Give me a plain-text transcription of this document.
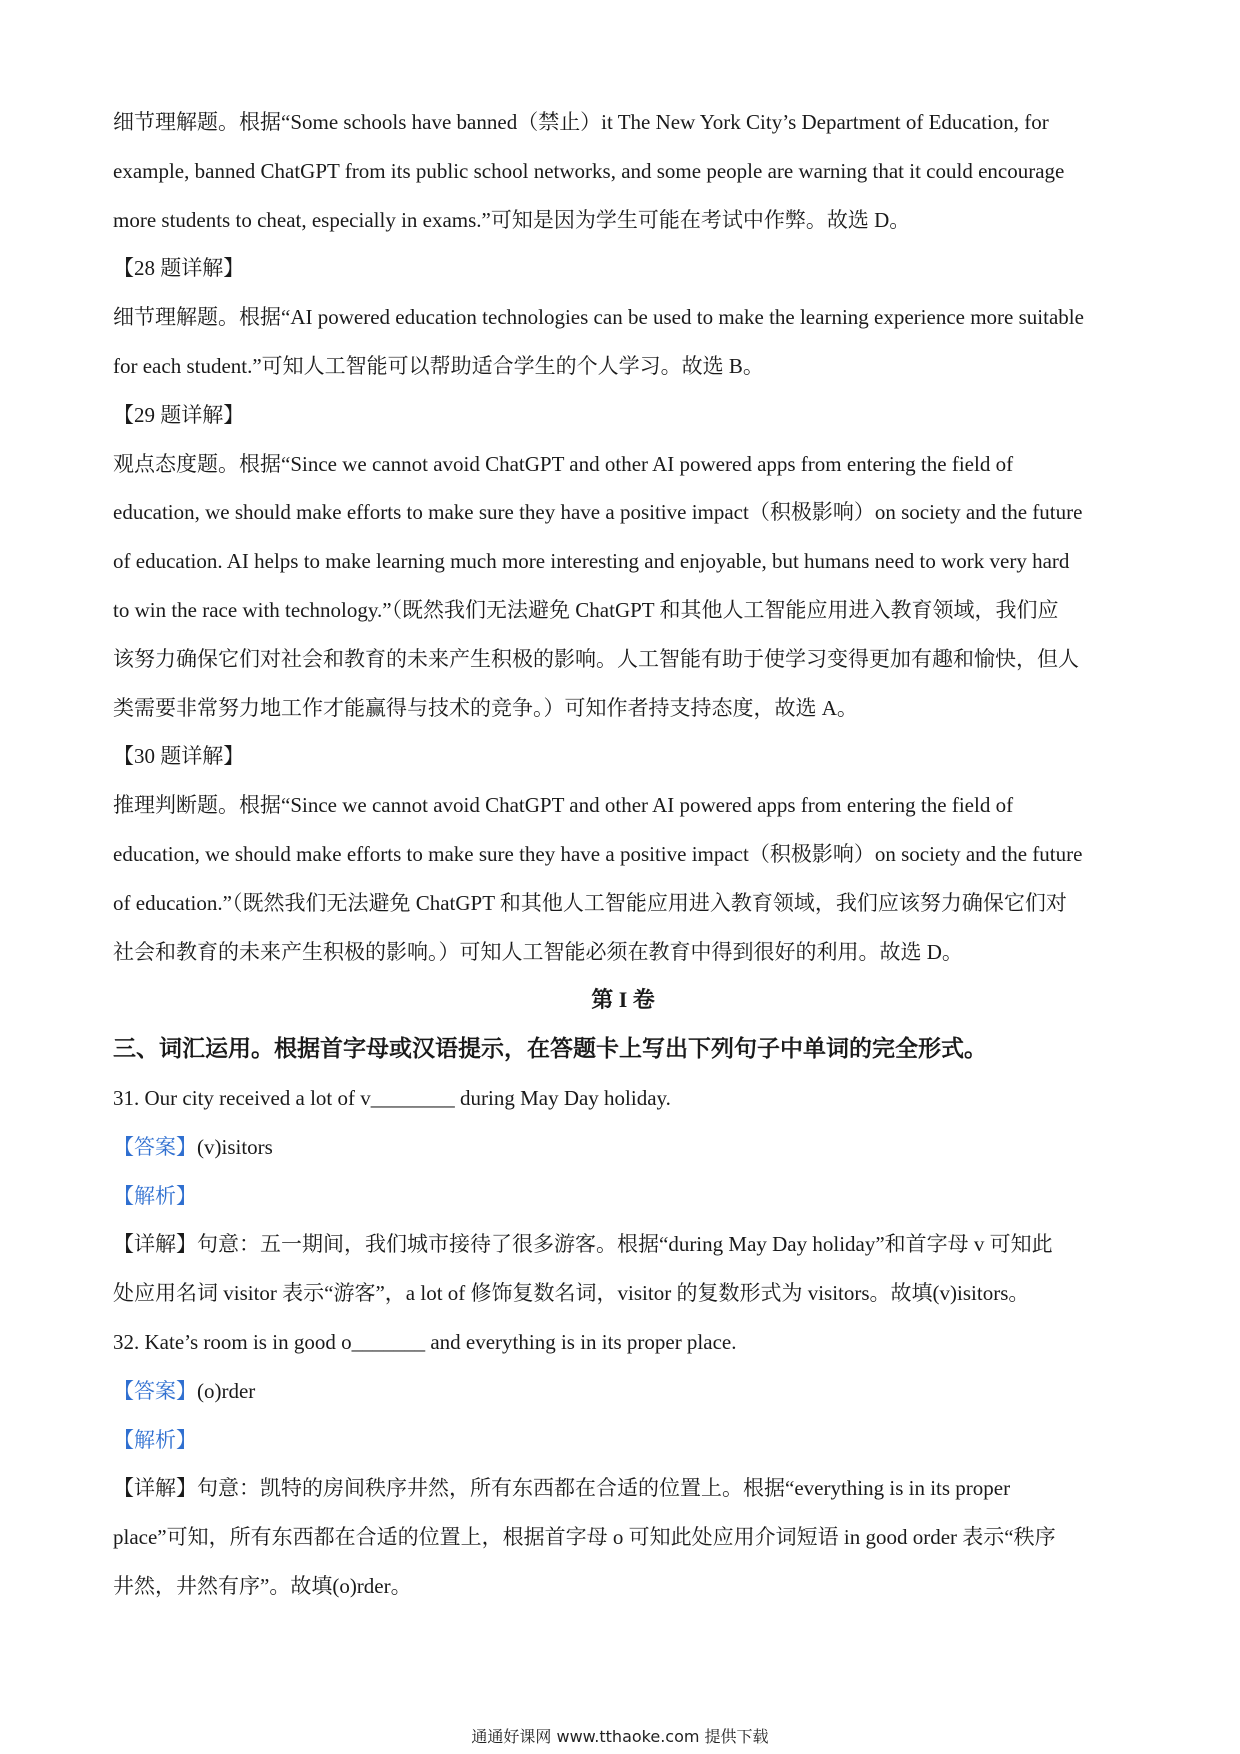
细节理解题。根据“Some schools have banned（禁止）it The New York City’s Department of Education, for
example, banned ChatGPT from its public school networks, and some people are warning that it could encourage
more students to cheat, especially in exams.”可知是因为学生可能在考试中作弊。故选 D。
【28 题详解】
细节理解题。根据“AI powered education technologies can be used to make the learning experience more suitable
for each student.”可知人工智能可以帮助适合学生的个人学习。故选 B。
【29 题详解】
观点态度题。根据“Since we cannot avoid ChatGPT and other AI powered apps from entering the field of
education, we should make efforts to make sure they have a positive impact（积极影响）on society and the future
of education. AI helps to make learning much more interesting and enjoyable, but humans need to work very hard
to win the race with technology.”（既然我们无法避免 ChatGPT 和其他人工智能应用进入教育领域，我们应
该努力确保它们对社会和教育的未来产生积极的影响。人工智能有助于使学习变得更加有趣和愉快，但人
类需要非常努力地工作才能赢得与技术的竞争。）可知作者持支持态度，故选 A。
【30 题详解】
推理判断题。根据“Since we cannot avoid ChatGPT and other AI powered apps from entering the field of
education, we should make efforts to make sure they have a positive impact（积极影响）on society and the future
of education.”（既然我们无法避免 ChatGPT 和其他人工智能应用进入教育领域，我们应该努力确保它们对
社会和教育的未来产生积极的影响。）可知人工智能必须在教育中得到很好的利用。故选 D。
第 I 卷
三、词汇运用。根据首字母或汉语提示，在答题卡上写出下列句子中单词的完全形式。
31. Our city received a lot of v________ during May Day holiday.
【答案】(v)isitors
【解析】
【详解】句意：五一期间，我们城市接待了很多游客。根据“during May Day holiday”和首字母 v 可知此
处应用名词 visitor 表示“游客”，a lot of 修饰复数名词，visitor 的复数形式为 visitors。故填(v)isitors。
32. Kate’s room is in good o_______ and everything is in its proper place.
【答案】(o)rder
【解析】
【详解】句意：凯特的房间秩序井然，所有东西都在合适的位置上。根据“everything is in its proper
place”可知，所有东西都在合适的位置上，根据首字母 o 可知此处应用介词短语 in good order 表示“秩序
井然，井然有序”。故填(o)rder。
通通好课网 www.tthaoke.com 提供下载
